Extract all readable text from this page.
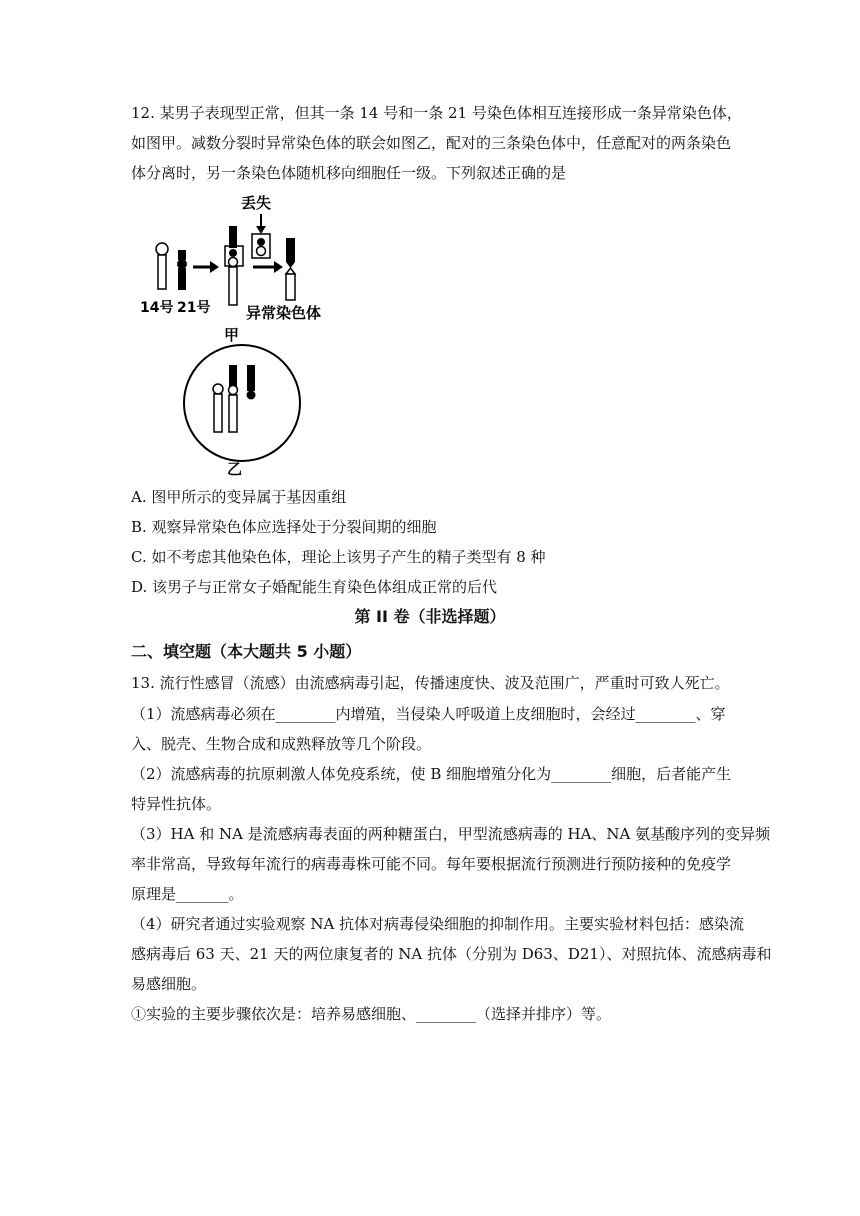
12. 某男子表现型正常，但其一条 14 号和一条 21 号染色体相互连接形成一条异常染色体，
如图甲。减数分裂时异常染色体的联会如图乙，配对的三条染色体中，任意配对的两条染色
体分离时，另一条染色体随机移向细胞任一级。下列叙述正确的是
丢失
14号 21号 异常染色体
甲
乙
A. 图甲所示的变异属于基因重组
B. 观察异常染色体应选择处于分裂间期的细胞
C. 如不考虑其他染色体，理论上该男子产生的精子类型有 8 种
D. 该男子与正常女子婚配能生育染色体组成正常的后代
第 II 卷（非选择题）
二、填空题（本大题共 5 小题）
13. 流行性感冒（流感）由流感病毒引起，传播速度快、波及范围广，严重时可致人死亡。
（1）流感病毒必须在________内增殖，当侵染人呼吸道上皮细胞时，会经过________、穿
入、脱壳、生物合成和成熟释放等几个阶段。
（2）流感病毒的抗原刺激人体免疫系统，使 B 细胞增殖分化为________细胞，后者能产生
特异性抗体。
（3）HA 和 NA 是流感病毒表面的两种糖蛋白，甲型流感病毒的 HA、NA 氨基酸序列的变异频
率非常高，导致每年流行的病毒毒株可能不同。每年要根据流行预测进行预防接种的免疫学
原理是_______。
（4）研究者通过实验观察 NA 抗体对病毒侵染细胞的抑制作用。主要实验材料包括：感染流
感病毒后 63 天、21 天的两位康复者的 NA 抗体（分别为 D63、D21）、对照抗体、流感病毒和
易感细胞。
①实验的主要步骤依次是：培养易感细胞、________（选择并排序）等。
